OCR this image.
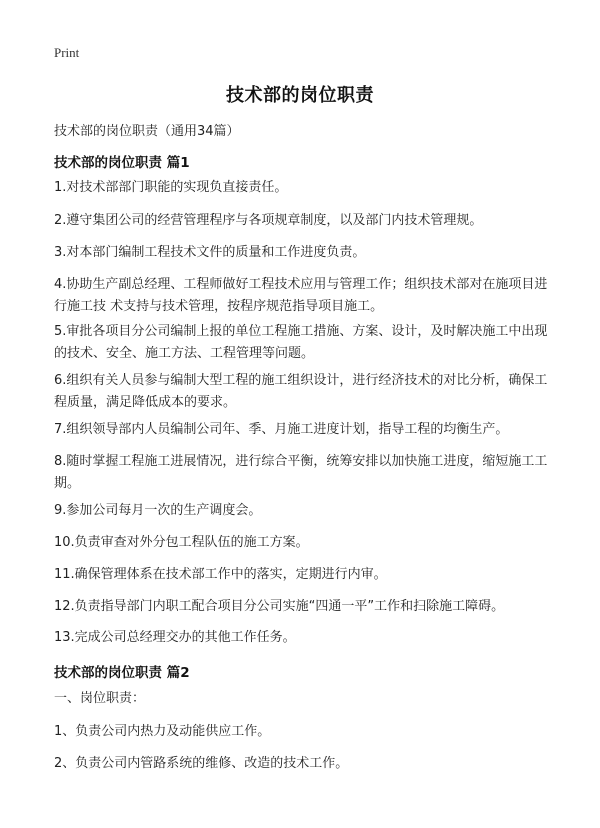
Print
技术部的岗位职责
技术部的岗位职责（通用34篇）
技术部的岗位职责 篇1

1.对技术部部门职能的实现负直接责任。

2.遵守集团公司的经营管理程序与各项规章制度，以及部门内技术管理规。

3.对本部门编制工程技术文件的质量和工作进度负责。

4.协助生产副总经理、工程师做好工程技术应用与管理工作；组织技术部对在施项目进行施工技 术支持与技术管理，按程序规范指导项目施工。

5.审批各项目分公司编制上报的单位工程施工措施、方案、设计，及时解决施工中出现的技术、安全、施工方法、工程管理等问题。

6.组织有关人员参与编制大型工程的施工组织设计，进行经济技术的对比分析，确保工程质量，满足降低成本的要求。

7.组织领导部内人员编制公司年、季、月施工进度计划，指导工程的均衡生产。

8.随时掌握工程施工进展情况，进行综合平衡，统筹安排以加快施工进度，缩短施工工期。

9.参加公司每月一次的生产调度会。

10.负责审查对外分包工程队伍的施工方案。

11.确保管理体系在技术部工作中的落实，定期进行内审。

12.负责指导部门内职工配合项目分公司实施“四通一平”工作和扫除施工障碍。

13.完成公司总经理交办的其他工作任务。

技术部的岗位职责 篇2

一、岗位职责：

1、负责公司内热力及动能供应工作。

2、负责公司内管路系统的维修、改造的技术工作。
